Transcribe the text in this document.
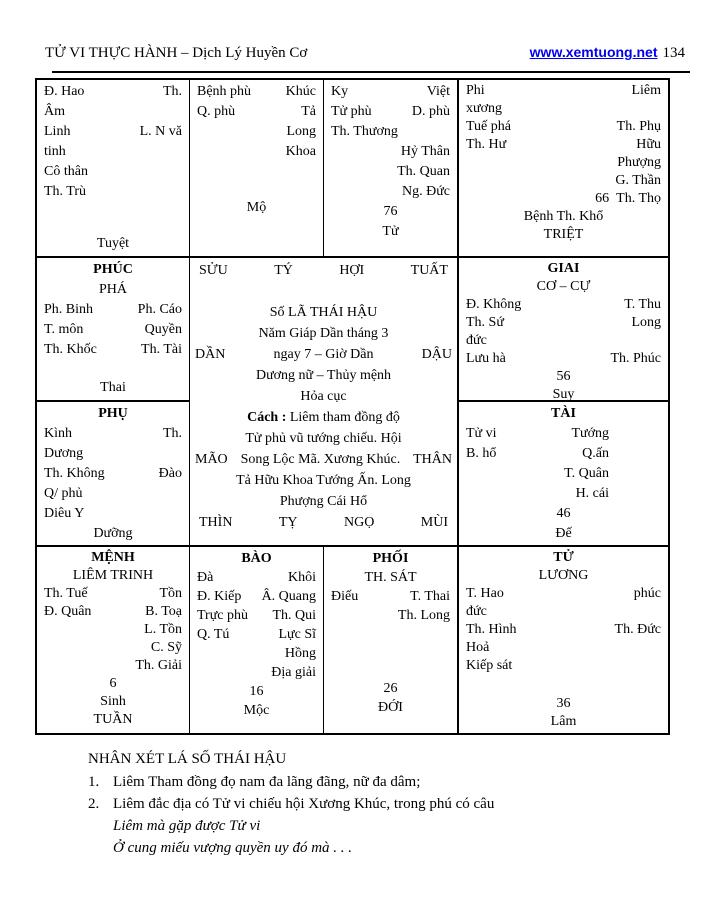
TỬ VI THỰC HÀNH – Dịch Lý Huyền Cơ	www.xemtuong.net 134
Đ. Hao	Th.
Âm
Linh	L. N vă
tinh
Cô thân
Th. Trù
Tuyệt
Bệnh phù Khúc
Q. phù	Tả
Long
Khoa
Mộ
Ky	Việt
Tử phù	D. phù
Th. Thương
Hỷ Thân
Th. Quan
Ng. Đức
76
Tử
Phi	Liêm
xương
Tuế phá	Th. Phụ
Th. Hư	Hữu
Phượng
G. Thần
66  Th. Thọ
Bệnh Th. Khổ
TRIỆT
PHÚC
PHÁ
Ph. Binh	Ph. Cáo
T. môn	Quyền
Th. Khốc	Th. Tài
Thai
SỬU	TÝ	HỢI	TUẤT
Số LÃ THÁI HẬU
Năm Giáp Dần tháng 3
DẦN	ngay 7 – Giờ Dần	DẬU
Dương nữ – Thủy mệnh
Hỏa cục
Cách : Liêm tham đồng độ
Tử phủ vũ tướng chiếu. Hội
MÃO Song Lộc Mã. Xương Khúc. THÂN
Tả Hữu Khoa Tướng Ấn. Long
Phượng Cái Hổ
THÌN	TỴ	NGỌ	MÙI
GIAI
CƠ – CỰ
Đ. Không	T. Thu
Th. Sứ	Long
đức
Lưu hà	Th. Phúc
56
Suy
PHỤ
Kình	Th.
Dương
Th. Không	Đào
Q/ phủ
Diêu Y
Dưỡng
TÀI
Tử vi	Tướng
B. hổ	Q.ấn
T. Quân
H. cái
46
Đế
MỆNH
LIÊM TRINH
Th. Tuế	Tồn
Đ. Quân	B. Toạ
L. Tồn
C. Sỹ
Th. Giải
6
Sinh
TUẦN
BÀO
Đà	Khôi
Đ. Kiếp Â. Quang
Trực phù Th. Qui
Q. Tú	Lực Sĩ
Hồng
Địa giải
16
Mộc
PHỐI
TH. SÁT
Điếu	T. Thai
Th. Long
26
ĐỚI
TỬ
LƯƠNG
T. Hao	phúc
đức
Th. Hình	Th. Đức
Hoả
Kiếp sát
36
Lâm
NHÂN XÉT LÁ SỐ THÁI HẬU
1. Liêm Tham đồng đọ nam đa lãng đãng, nữ đa dâm;
2. Liêm đắc địa có Tử vi chiếu hội Xương Khúc, trong phú có câu
Liêm mà gặp được Tử vi
Ở cung miếu vượng quyền uy đó mà . . .
